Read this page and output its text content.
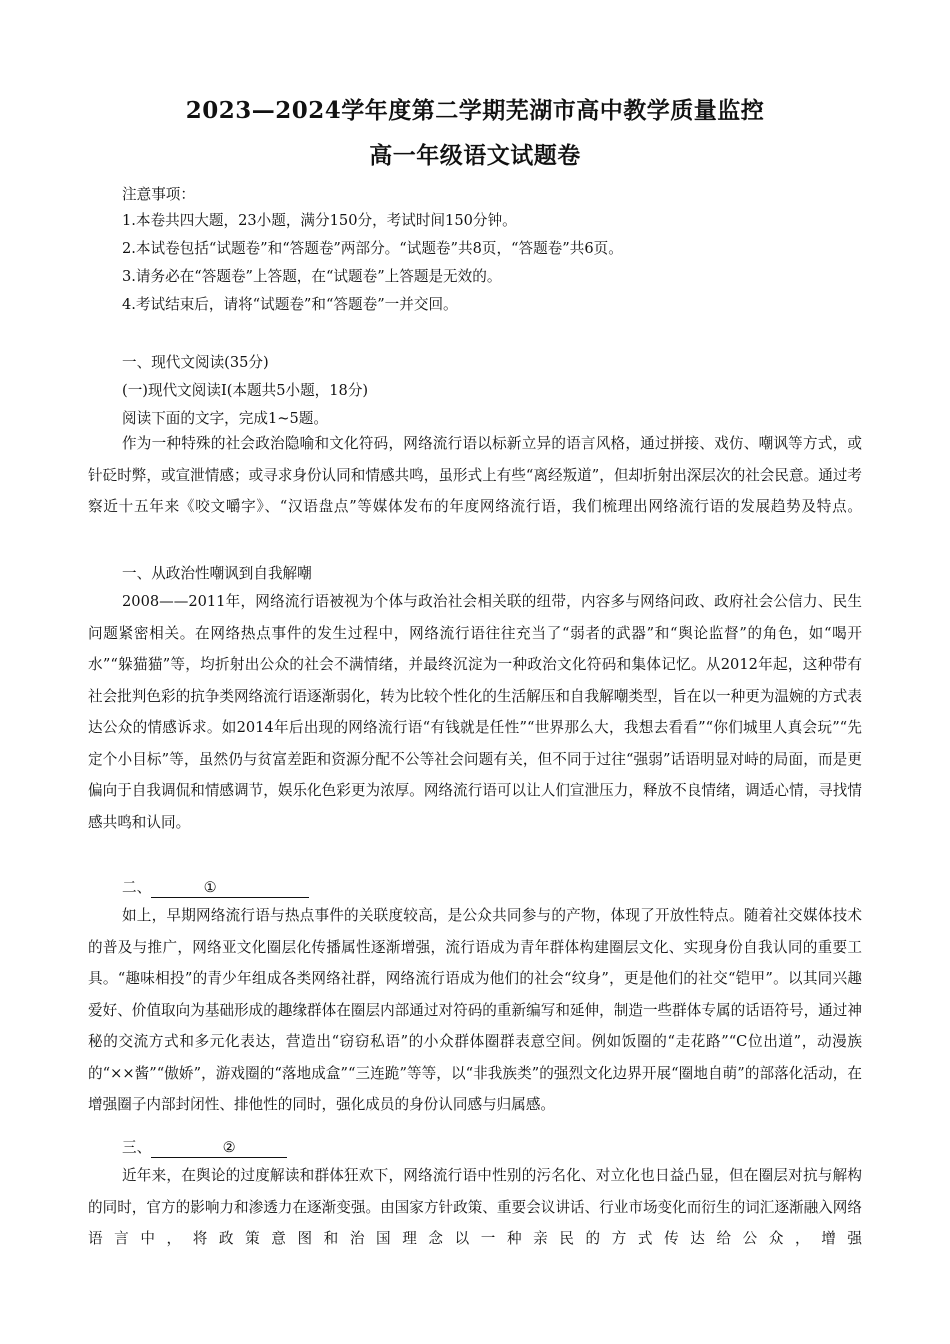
2023—2024学年度第二学期芜湖市高中教学质量监控
高一年级语文试题卷
注意事项：
1.本卷共四大题，23小题，满分150分，考试时间150分钟。
2.本试卷包括“试题卷”和“答题卷”两部分。“试题卷”共8页，“答题卷”共6页。
3.请务必在“答题卷”上答题，在“试题卷”上答题是无效的。
4.考试结束后，请将“试题卷”和“答题卷”一并交回。
一、现代文阅读(35分)
(一)现代文阅读Ⅰ(本题共5小题，18分)
阅读下面的文字，完成1~5题。

作为一种特殊的社会政治隐喻和文化符码，网络流行语以标新立异的语言风格，通过拼接、戏仿、嘲讽等方式，或针砭时弊，或宣泄情感；或寻求身份认同和情感共鸣，虽形式上有些“离经叛道”，但却折射出深层次的社会民意。通过考察近十五年来《咬文嚼字》、“汉语盘点”等媒体发布的年度网络流行语，我们梳理出网络流行语的发展趋势及特点。

一、从政治性嘲讽到自我解嘲

2008——2011年，网络流行语被视为个体与政治社会相关联的纽带，内容多与网络问政、政府社会公信力、民生问题紧密相关。在网络热点事件的发生过程中，网络流行语往往充当了“弱者的武器”和“舆论监督”的角色，如“喝开水”“躲猫猫”等，均折射出公众的社会不满情绪，并最终沉淀为一种政治文化符码和集体记忆。从2012年起，这种带有社会批判色彩的抗争类网络流行语逐渐弱化，转为比较个性化的生活解压和自我解嘲类型，旨在以一种更为温婉的方式表达公众的情感诉求。如2014年后出现的网络流行语“有钱就是任性”“世界那么大，我想去看看”“你们城里人真会玩”“先定个小目标”等，虽然仍与贫富差距和资源分配不公等社会问题有关，但不同于过往“强弱”话语明显对峙的局面，而是更偏向于自我调侃和情感调节，娱乐化色彩更为浓厚。网络流行语可以让人们宣泄压力，释放不良情绪，调适心情，寻找情感共鸣和认同。

二、	①

如上，早期网络流行语与热点事件的关联度较高，是公众共同参与的产物，体现了开放性特点。随着社交媒体技术的普及与推广，网络亚文化圈层化传播属性逐渐增强，流行语成为青年群体构建圈层文化、实现身份自我认同的重要工具。“趣味相投”的青少年组成各类网络社群，网络流行语成为他们的社会“纹身”，更是他们的社交“铠甲”。以其同兴趣爱好、价值取向为基础形成的趣缘群体在圈层内部通过对符码的重新编写和延伸，制造一些群体专属的话语符号，通过神秘的交流方式和多元化表达，营造出“窃窃私语”的小众群体圈群表意空间。例如饭圈的“走花路”“C位出道”，动漫族的“××酱”“傲娇”，游戏圈的“落地成盒”“三连跪”等等，以“非我族类”的强烈文化边界开展“圈地自萌”的部落化活动，在增强圈子内部封闭性、排他性的同时，强化成员的身份认同感与归属感。

三、	②

近年来，在舆论的过度解读和群体狂欢下，网络流行语中性别的污名化、对立化也日益凸显，但在圈层对抗与解构的同时，官方的影响力和渗透力在逐渐变强。由国家方针政策、重要会议讲话、行业市场变化而衍生的词汇逐渐融入网络语言中，将政策意图和治国理念以一种亲民的方式传达给公众，增强
